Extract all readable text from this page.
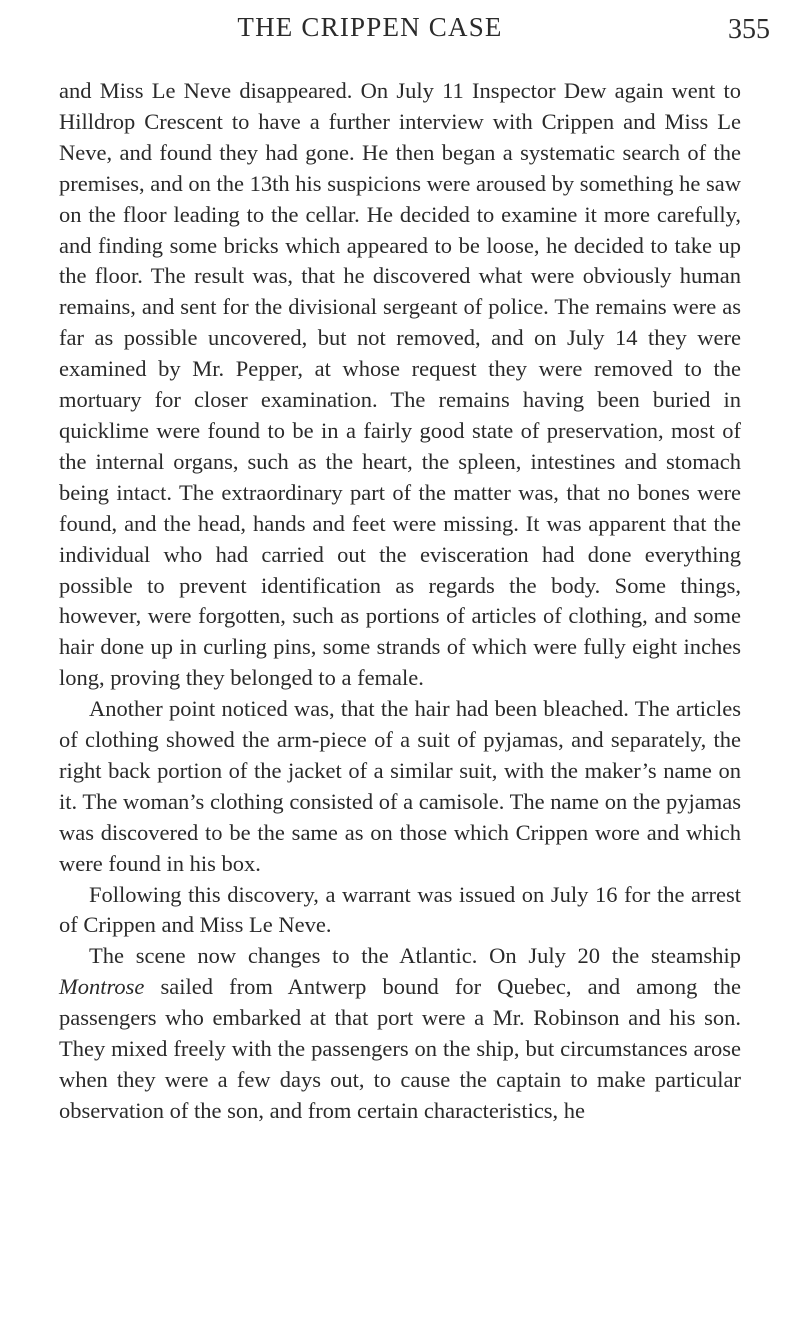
THE CRIPPEN CASE	355

and Miss Le Neve disappeared. On July 11 Inspector Dew again went to Hilldrop Crescent to have a further interview with Crippen and Miss Le Neve, and found they had gone. He then began a systematic search of the premises, and on the 13th his suspicions were aroused by something he saw on the floor leading to the cellar. He decided to examine it more carefully, and finding some bricks which appeared to be loose, he decided to take up the floor. The result was, that he discovered what were obviously human remains, and sent for the divisional sergeant of police. The remains were as far as possible uncovered, but not removed, and on July 14 they were examined by Mr. Pepper, at whose request they were removed to the mortuary for closer examination. The remains having been buried in quicklime were found to be in a fairly good state of preservation, most of the internal organs, such as the heart, the spleen, intestines and stomach being intact. The extraordinary part of the matter was, that no bones were found, and the head, hands and feet were missing. It was apparent that the individual who had carried out the evisceration had done everything possible to prevent identification as regards the body. Some things, however, were forgotten, such as portions of articles of clothing, and some hair done up in curling pins, some strands of which were fully eight inches long, proving they belonged to a female.

Another point noticed was, that the hair had been bleached. The articles of clothing showed the arm-piece of a suit of pyjamas, and separately, the right back portion of the jacket of a similar suit, with the maker’s name on it. The woman’s clothing consisted of a camisole. The name on the pyjamas was discovered to be the same as on those which Crippen wore and which were found in his box.

Following this discovery, a warrant was issued on July 16 for the arrest of Crippen and Miss Le Neve.

The scene now changes to the Atlantic. On July 20 the steamship Montrose sailed from Antwerp bound for Quebec, and among the passengers who embarked at that port were a Mr. Robinson and his son. They mixed freely with the passengers on the ship, but circumstances arose when they were a few days out, to cause the captain to make particular observation of the son, and from certain characteristics, he
